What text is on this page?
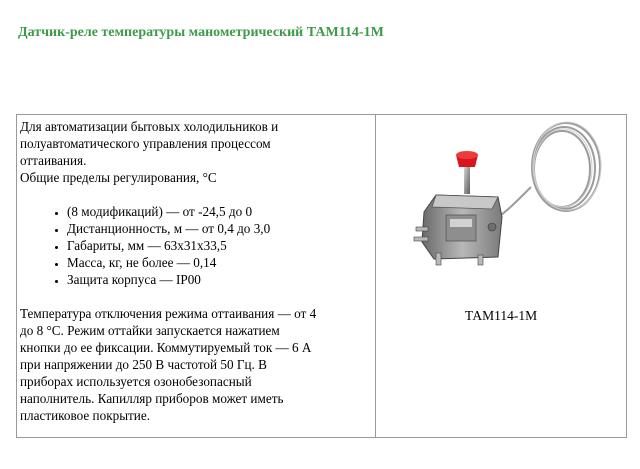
Датчик-реле температуры манометрический ТАМ114-1М

Для автоматизации бытовых холодильников и

полуавтоматического управления процессом

оттаивания.

Общие пределы регулирования, °С

• (8 модификаций) — от -24,5 до 0
• Дистанционность, м — от 0,4 до 3,0
• Габариты, мм — 63x31x33,5
• Масса, кг, не более — 0,14
• Защита корпуса — IP00

Температура отключения режима оттаивания — от 4

до 8 °С. Режим оттайки запускается нажатием

кнопки до ее фиксации. Коммутируемый ток — 6 А

при напряжении до 250 В частотой 50 Гц. В

приборах используется озонобезопасный

наполнитель. Капилляр приборов может иметь

пластиковое покрытие.

ТАМ114-1М
